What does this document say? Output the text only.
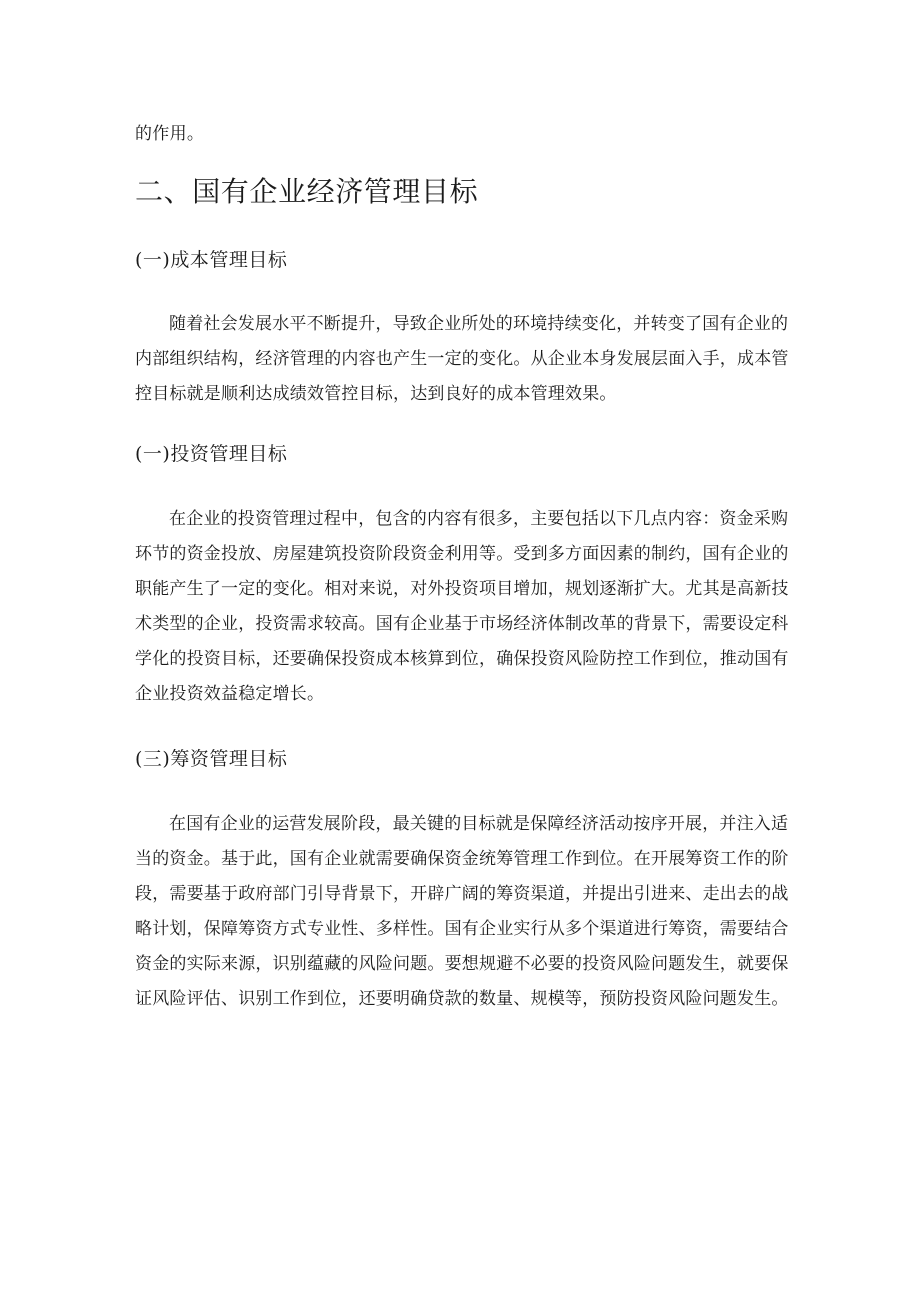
的作用。
二、国有企业经济管理目标
(一)成本管理目标
随着社会发展水平不断提升，导致企业所处的环境持续变化，并转变了国有企业的
内部组织结构，经济管理的内容也产生一定的变化。从企业本身发展层面入手，成本管
控目标就是顺利达成绩效管控目标，达到良好的成本管理效果。
(一)投资管理目标
在企业的投资管理过程中，包含的内容有很多，主要包括以下几点内容：资金采购
环节的资金投放、房屋建筑投资阶段资金利用等。受到多方面因素的制约，国有企业的
职能产生了一定的变化。相对来说，对外投资项目增加，规划逐渐扩大。尤其是高新技
术类型的企业，投资需求较高。国有企业基于市场经济体制改革的背景下，需要设定科
学化的投资目标，还要确保投资成本核算到位，确保投资风险防控工作到位，推动国有
企业投资效益稳定增长。
(三)筹资管理目标
在国有企业的运营发展阶段，最关键的目标就是保障经济活动按序开展，并注入适
当的资金。基于此，国有企业就需要确保资金统筹管理工作到位。在开展筹资工作的阶
段，需要基于政府部门引导背景下，开辟广阔的筹资渠道，并提出引进来、走出去的战
略计划，保障筹资方式专业性、多样性。国有企业实行从多个渠道进行筹资，需要结合
资金的实际来源，识别蕴藏的风险问题。要想规避不必要的投资风险问题发生，就要保
证风险评估、识别工作到位，还要明确贷款的数量、规模等，预防投资风险问题发生。
